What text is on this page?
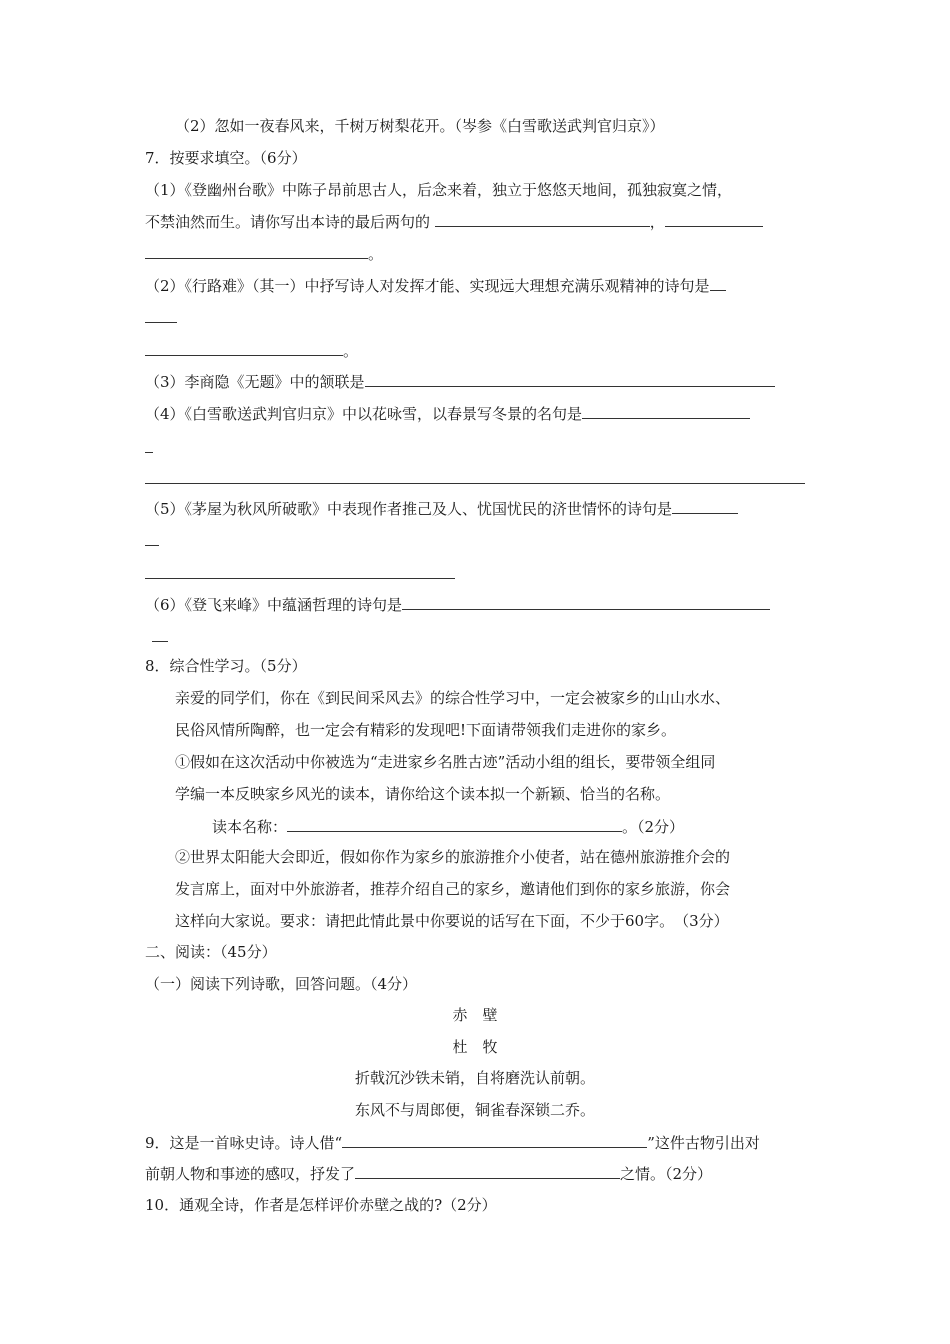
（2）忽如一夜春风来，千树万树梨花开。（岑参《白雪歌送武判官归京》）
7．按要求填空。（6分）
（1）《登幽州台歌》中陈子昂前思古人，后念来着，独立于悠悠天地间，孤独寂寞之情，
不禁油然而生。请你写出本诗的最后两句的	，
。
（2）《行路难》（其一）中抒写诗人对发挥才能、实现远大理想充满乐观精神的诗句是
。
（3）李商隐《无题》中的颔联是
（4）《白雪歌送武判官归京》中以花咏雪，以春景写冬景的名句是
（5）《茅屋为秋风所破歌》中表现作者推己及人、忧国忧民的济世情怀的诗句是
（6）《登飞来峰》中蕴涵哲理的诗句是
8．综合性学习。（5分）
亲爱的同学们，你在《到民间采风去》的综合性学习中，一定会被家乡的山山水水、
民俗风情所陶醉，也一定会有精彩的发现吧!下面请带领我们走进你的家乡。
①假如在这次活动中你被选为“走进家乡名胜古迹”活动小组的组长，要带领全组同
学编一本反映家乡风光的读本，请你给这个读本拟一个新颖、恰当的名称。
读本名称：	。（2分）
②世界太阳能大会即近，假如你作为家乡的旅游推介小使者，站在德州旅游推介会的
发言席上，面对中外旅游者，推荐介绍自己的家乡，邀请他们到你的家乡旅游，你会
这样向大家说。要求：请把此情此景中你要说的话写在下面，不少于60字。　（3分）
二、阅读：（45分）
（一）阅读下列诗歌，回答问题。（4分）
赤　壁
杜　牧
折戟沉沙铁未销，自将磨洗认前朝。
东风不与周郎便，铜雀春深锁二乔。
9．这是一首咏史诗。诗人借“	”这件古物引出对
前朝人物和事迹的感叹，抒发了	之情。（2分）
10．通观全诗，作者是怎样评价赤壁之战的?（2分）
